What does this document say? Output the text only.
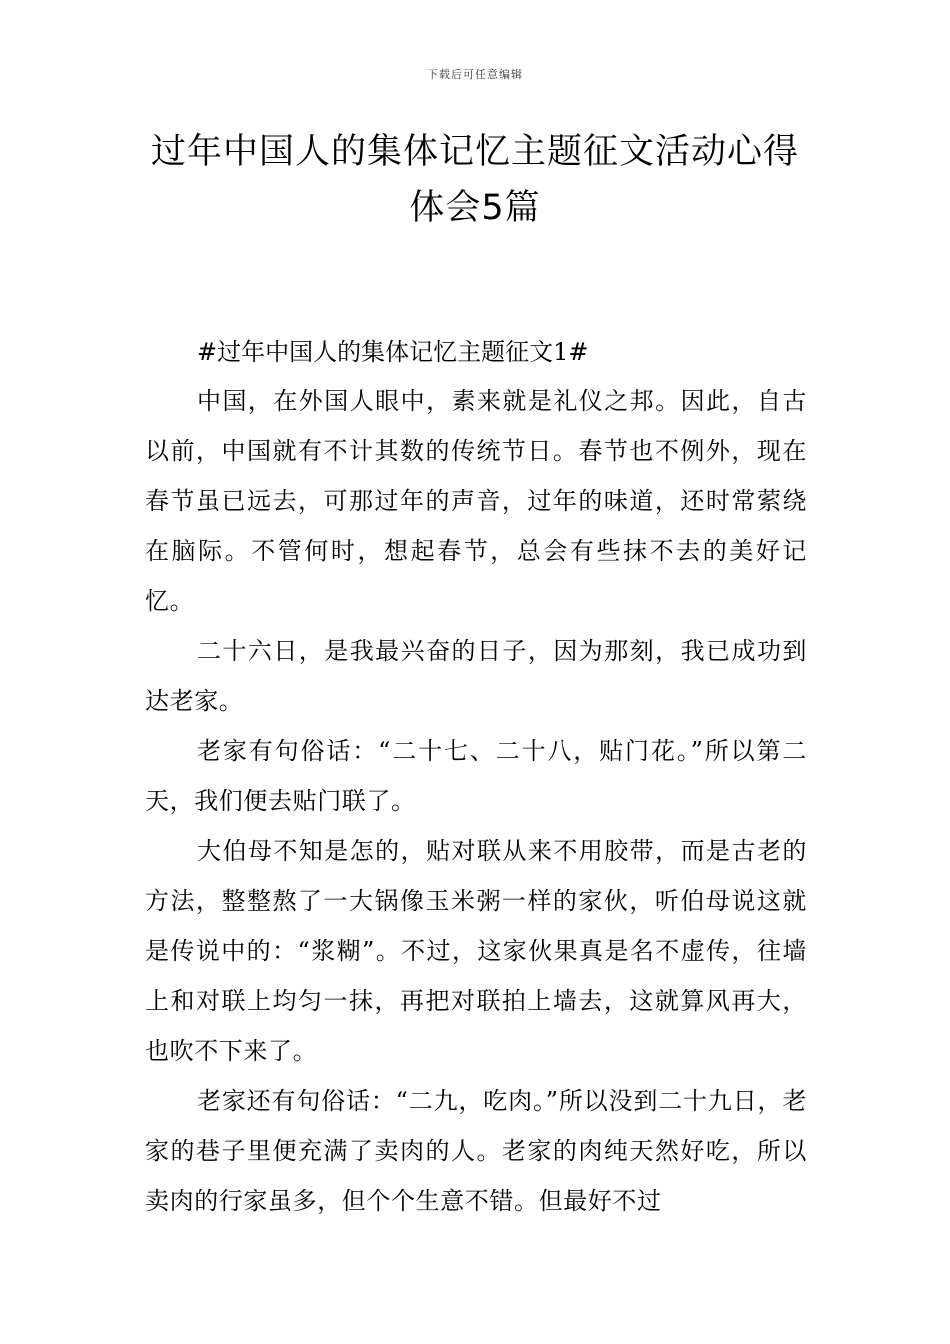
下载后可任意编辑
过年中国人的集体记忆主题征文活动心得
体会5篇
#过年中国人的集体记忆主题征文1#

中国，在外国人眼中，素来就是礼仪之邦。因此，自古以前，中国就有不计其数的传统节日。春节也不例外，现在春节虽已远去，可那过年的声音，过年的味道，还时常萦绕在脑际。不管何时，想起春节，总会有些抹不去的美好记忆。

二十六日，是我最兴奋的日子，因为那刻，我已成功到达老家。

老家有句俗话：“二十七、二十八，贴门花。”所以第二天，我们便去贴门联了。

大伯母不知是怎的，贴对联从来不用胶带，而是古老的方法，整整熬了一大锅像玉米粥一样的家伙，听伯母说这就是传说中的：“浆糊”。不过，这家伙果真是名不虚传，往墙上和对联上均匀一抹，再把对联拍上墙去，这就算风再大，也吹不下来了。

老家还有句俗话：“二九，吃肉。”所以没到二十九日，老家的巷子里便充满了卖肉的人。老家的肉纯天然好吃，所以卖肉的行家虽多，但个个生意不错。但最好不过
